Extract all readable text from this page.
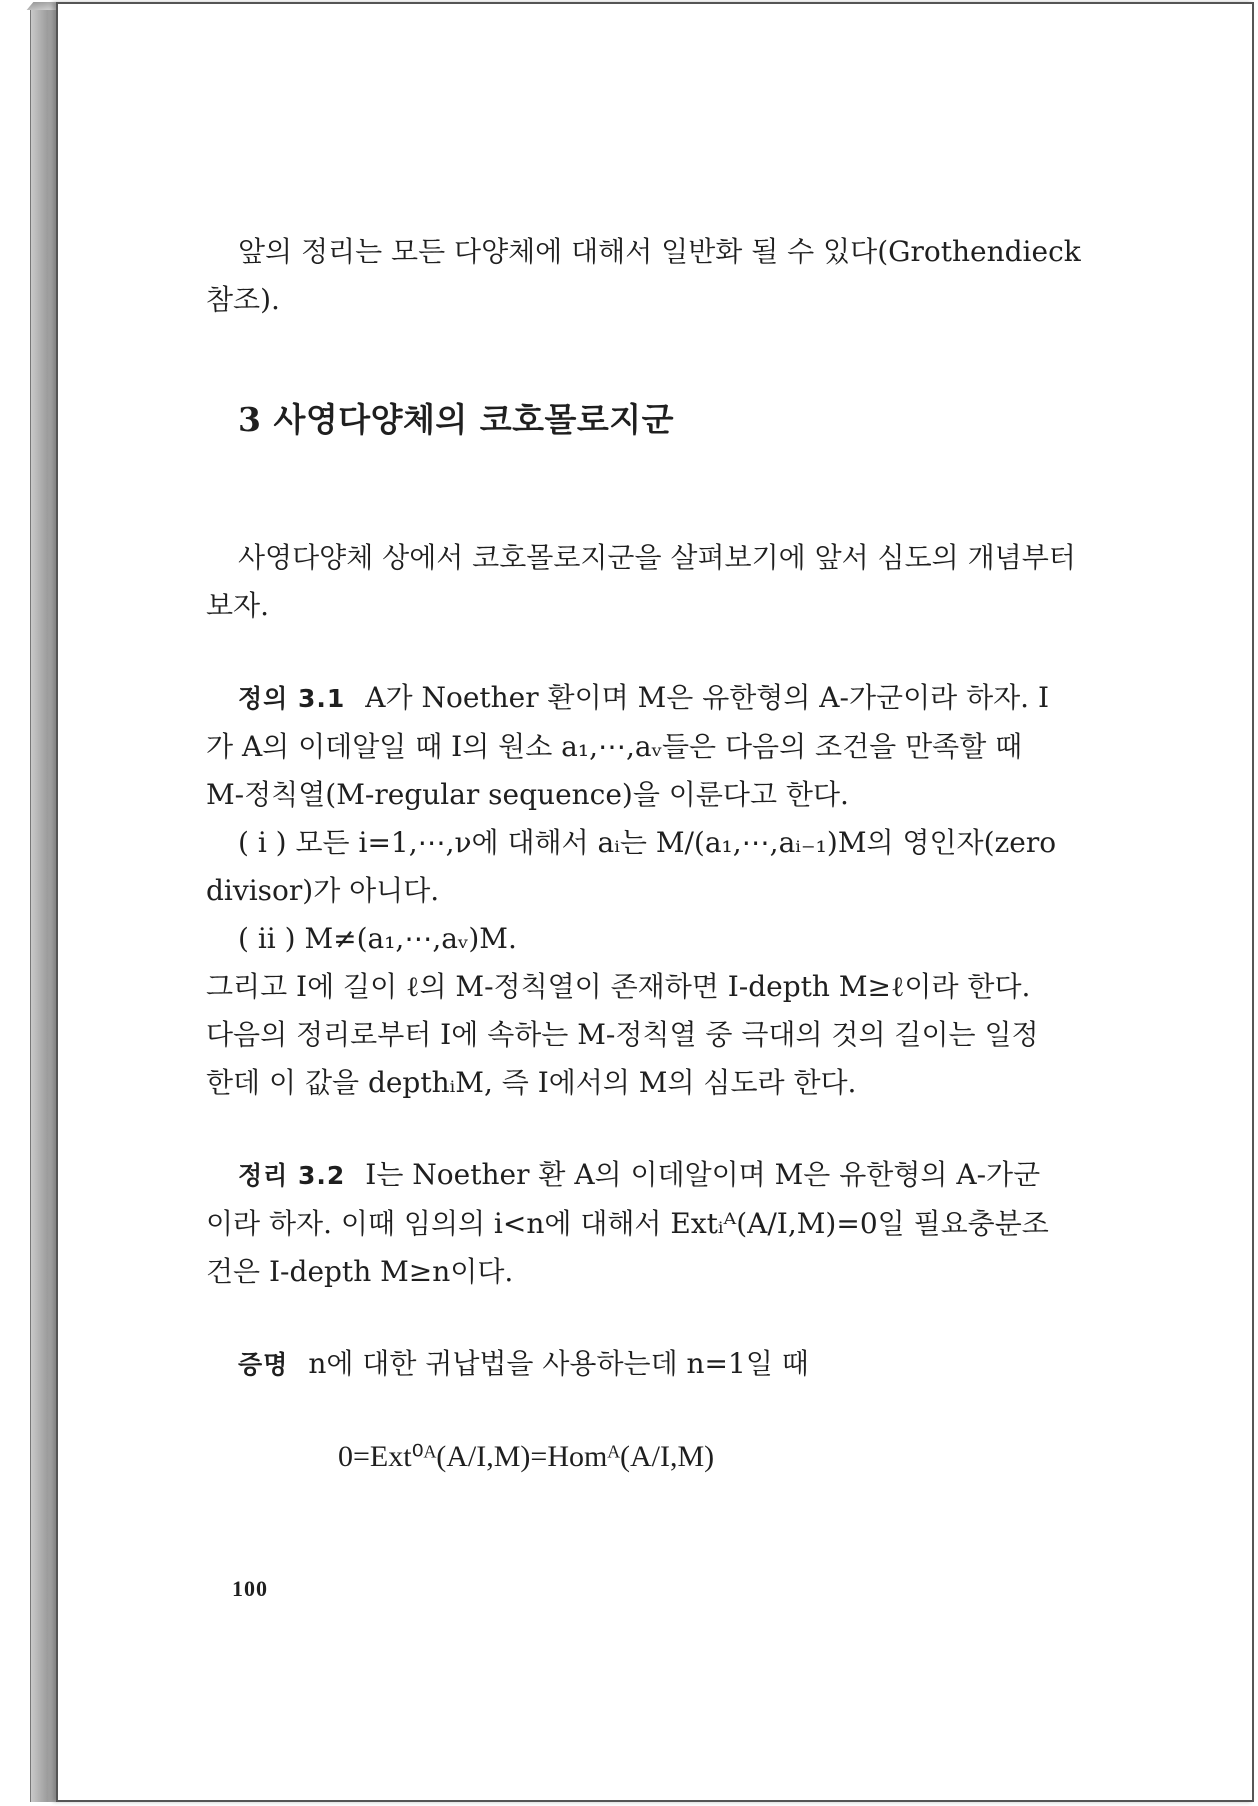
앞의 정리는 모든 다양체에 대해서 일반화 될 수 있다(Grothendieck

참조).

3 사영다양체의 코호몰로지군

사영다양체 상에서 코호몰로지군을 살펴보기에 앞서 심도의 개념부터

보자.

정의 3.1 A가 Noether 환이며 M은 유한형의 A-가군이라 하자. I

가 A의 이데알일 때 I의 원소 a₁,⋯,aᵥ들은 다음의 조건을 만족할 때

M-정칙열(M-regular sequence)을 이룬다고 한다.

( i ) 모든 i=1,⋯,ν에 대해서 aᵢ는 M/(a₁,⋯,aᵢ₋₁)M의 영인자(zero

divisor)가 아니다.

( ii ) M≠(a₁,⋯,aᵥ)M.

그리고 I에 길이 ℓ의 M-정칙열이 존재하면 I-depth M≥ℓ이라 한다.

다음의 정리로부터 I에 속하는 M-정칙열 중 극대의 것의 길이는 일정

한데 이 값을 depthᵢM, 즉 I에서의 M의 심도라 한다.

정리 3.2 I는 Noether 환 A의 이데알이며 M은 유한형의 A-가군

이라 하자. 이때 임의의 i<n에 대해서 Extᵢᴬ(A/I,M)=0일 필요충분조

건은 I-depth M≥n이다.

증명 n에 대한 귀납법을 사용하는데 n=1일 때

0=Ext⁰ᴬ(A/I,M)=Homᴬ(A/I,M)

100
